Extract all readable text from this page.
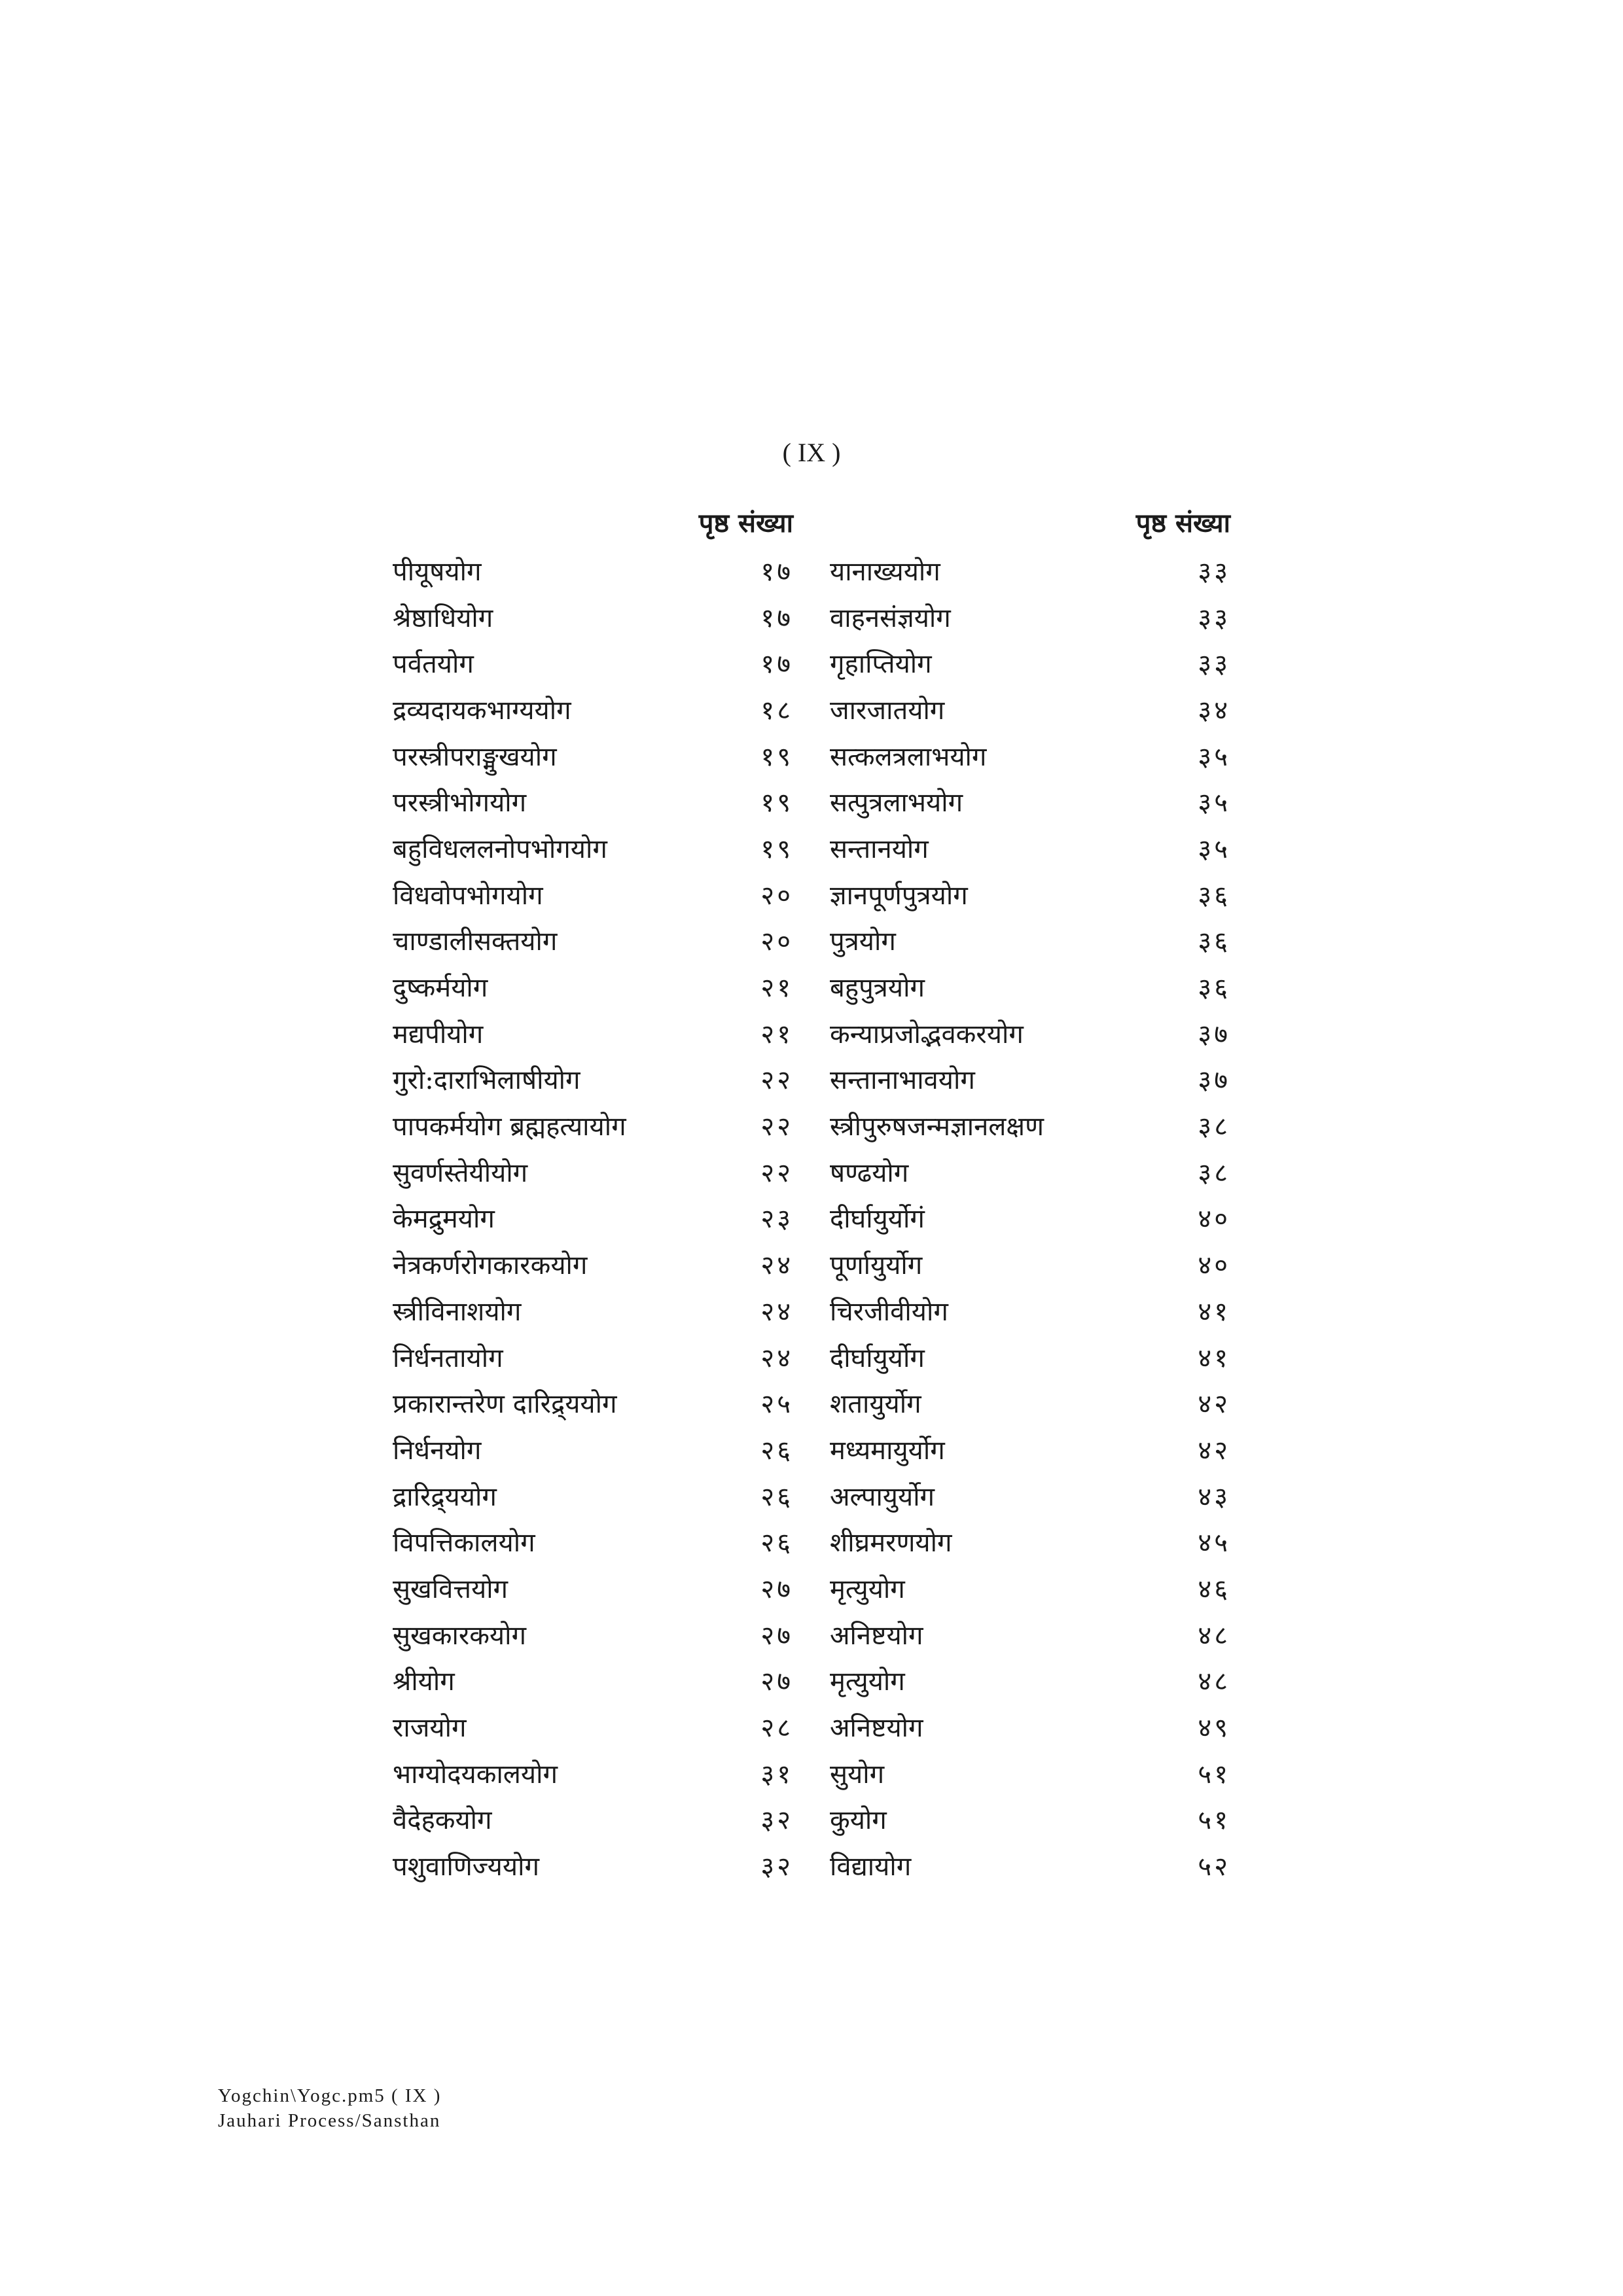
( IX )
पृष्ठ संख्या
पीयूषयोग	१७
श्रेष्ठाधियोग	१७
पर्वतयोग	१७
द्रव्यदायकभाग्ययोग	१८
परस्त्रीपराङ्मुखयोग	१९
परस्त्रीभोगयोग	१९
बहुविधललनोपभोगयोग	१९
विधवोपभोगयोग	२०
चाण्डालीसक्तयोग	२०
दुष्कर्मयोग	२१
मद्यपीयोग	२१
गुरो:दाराभिलाषीयोग	२२
पापकर्मयोग ब्रह्महत्यायोग	२२
सुवर्णस्तेयीयोग	२२
केमद्रुमयोग	२३
नेत्रकर्णरोगकारकयोग	२४
स्त्रीविनाशयोग	२४
निर्धनतायोग	२४
प्रकारान्तरेण दारिद्र्ययोग	२५
निर्धनयोग	२६
द्रारिद्र्ययोग	२६
विपत्तिकालयोग	२६
सुखवित्तयोग	२७
सुखकारकयोग	२७
श्रीयोग	२७
राजयोग	२८
भाग्योदयकालयोग	३१
वैदेहकयोग	३२
पशुवाणिज्ययोग	३२
पृष्ठ संख्या
यानाख्ययोग	३३
वाहनसंज्ञयोग	३३
गृहाप्तियोग	३३
जारजातयोग	३४
सत्कलत्रलाभयोग	३५
सत्पुत्रलाभयोग	३५
सन्तानयोग	३५
ज्ञानपूर्णपुत्रयोग	३६
पुत्रयोग	३६
बहुपुत्रयोग	३६
कन्याप्रजोद्भवकरयोग	३७
सन्तानाभावयोग	३७
स्त्रीपुरुषजन्मज्ञानलक्षण	३८
षण्ढयोग	३८
दीर्घायुर्योगं	४०
पूर्णायुर्योग	४०
चिरजीवीयोग	४१
दीर्घायुर्योग	४१
शतायुर्योग	४२
मध्यमायुर्योग	४२
अल्पायुर्योग	४३
शीघ्रमरणयोग	४५
मृत्युयोग	४६
अनिष्टयोग	४८
मृत्युयोग	४८
अनिष्टयोग	४९
सुयोग	५१
कुयोग	५१
विद्यायोग	५२
Yogchin\Yogc.pm5 ( IX )
Jauhari Process/Sansthan
